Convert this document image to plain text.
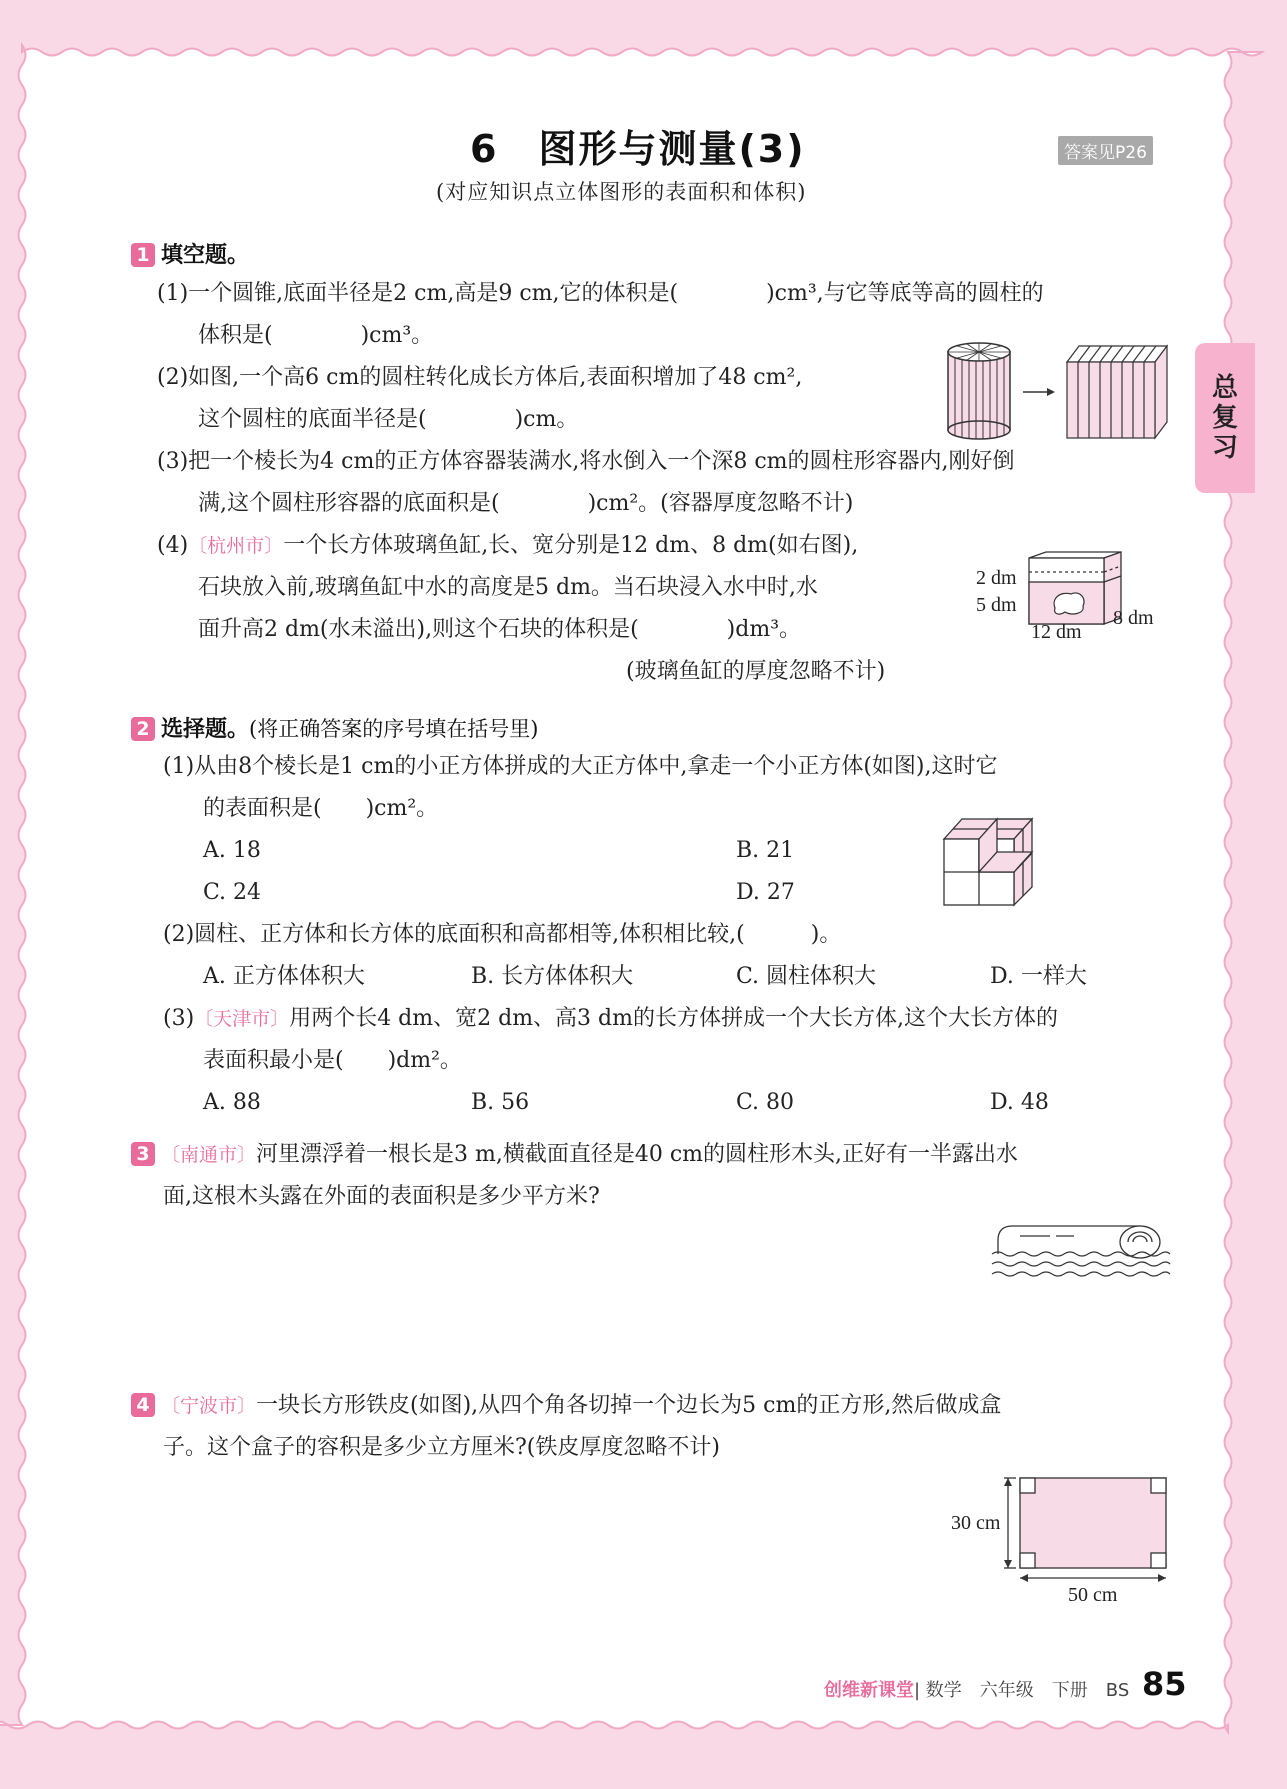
6　图形与测量(3)	答案见P26
(对应知识点立体图形的表面积和体积)
总复习
1 填空题。
(1)一个圆锥,底面半径是2 cm,高是9 cm,它的体积是(　　　　)cm³,与它等底等高的圆柱的
体积是(　　　　)cm³。
(2)如图,一个高6 cm的圆柱转化成长方体后,表面积增加了48 cm²,
这个圆柱的底面半径是(　　　　)cm。
(3)把一个棱长为4 cm的正方体容器装满水,将水倒入一个深8 cm的圆柱形容器内,刚好倒
满,这个圆柱形容器的底面积是(　　　　)cm²。(容器厚度忽略不计)
(4)〔杭州市〕一个长方体玻璃鱼缸,长、宽分别是12 dm、8 dm(如右图),
石块放入前,玻璃鱼缸中水的高度是5 dm。当石块浸入水中时,水
面升高2 dm(水未溢出),则这个石块的体积是(　　　　)dm³。
(玻璃鱼缸的厚度忽略不计)
2 dm
5 dm
12 dm
8 dm
2 选择题。(将正确答案的序号填在括号里)
(1)从由8个棱长是1 cm的小正方体拼成的大正方体中,拿走一个小正方体(如图),这时它
的表面积是(　　)cm²。
A. 18	B. 21
C. 24	D. 27
(2)圆柱、正方体和长方体的底面积和高都相等,体积相比较,(　　　)。
A. 正方体体积大	B. 长方体体积大	C. 圆柱体积大	D. 一样大
(3)〔天津市〕用两个长4 dm、宽2 dm、高3 dm的长方体拼成一个大长方体,这个大长方体的
表面积最小是(　　)dm²。
A. 88	B. 56	C. 80	D. 48
3 〔南通市〕河里漂浮着一根长是3 m,横截面直径是40 cm的圆柱形木头,正好有一半露出水
面,这根木头露在外面的表面积是多少平方米?
4 〔宁波市〕一块长方形铁皮(如图),从四个角各切掉一个边长为5 cm的正方形,然后做成盒
子。这个盒子的容积是多少立方厘米?(铁皮厚度忽略不计)
30 cm
50 cm
创维新课堂| 数学　六年级　下册　BS 85
